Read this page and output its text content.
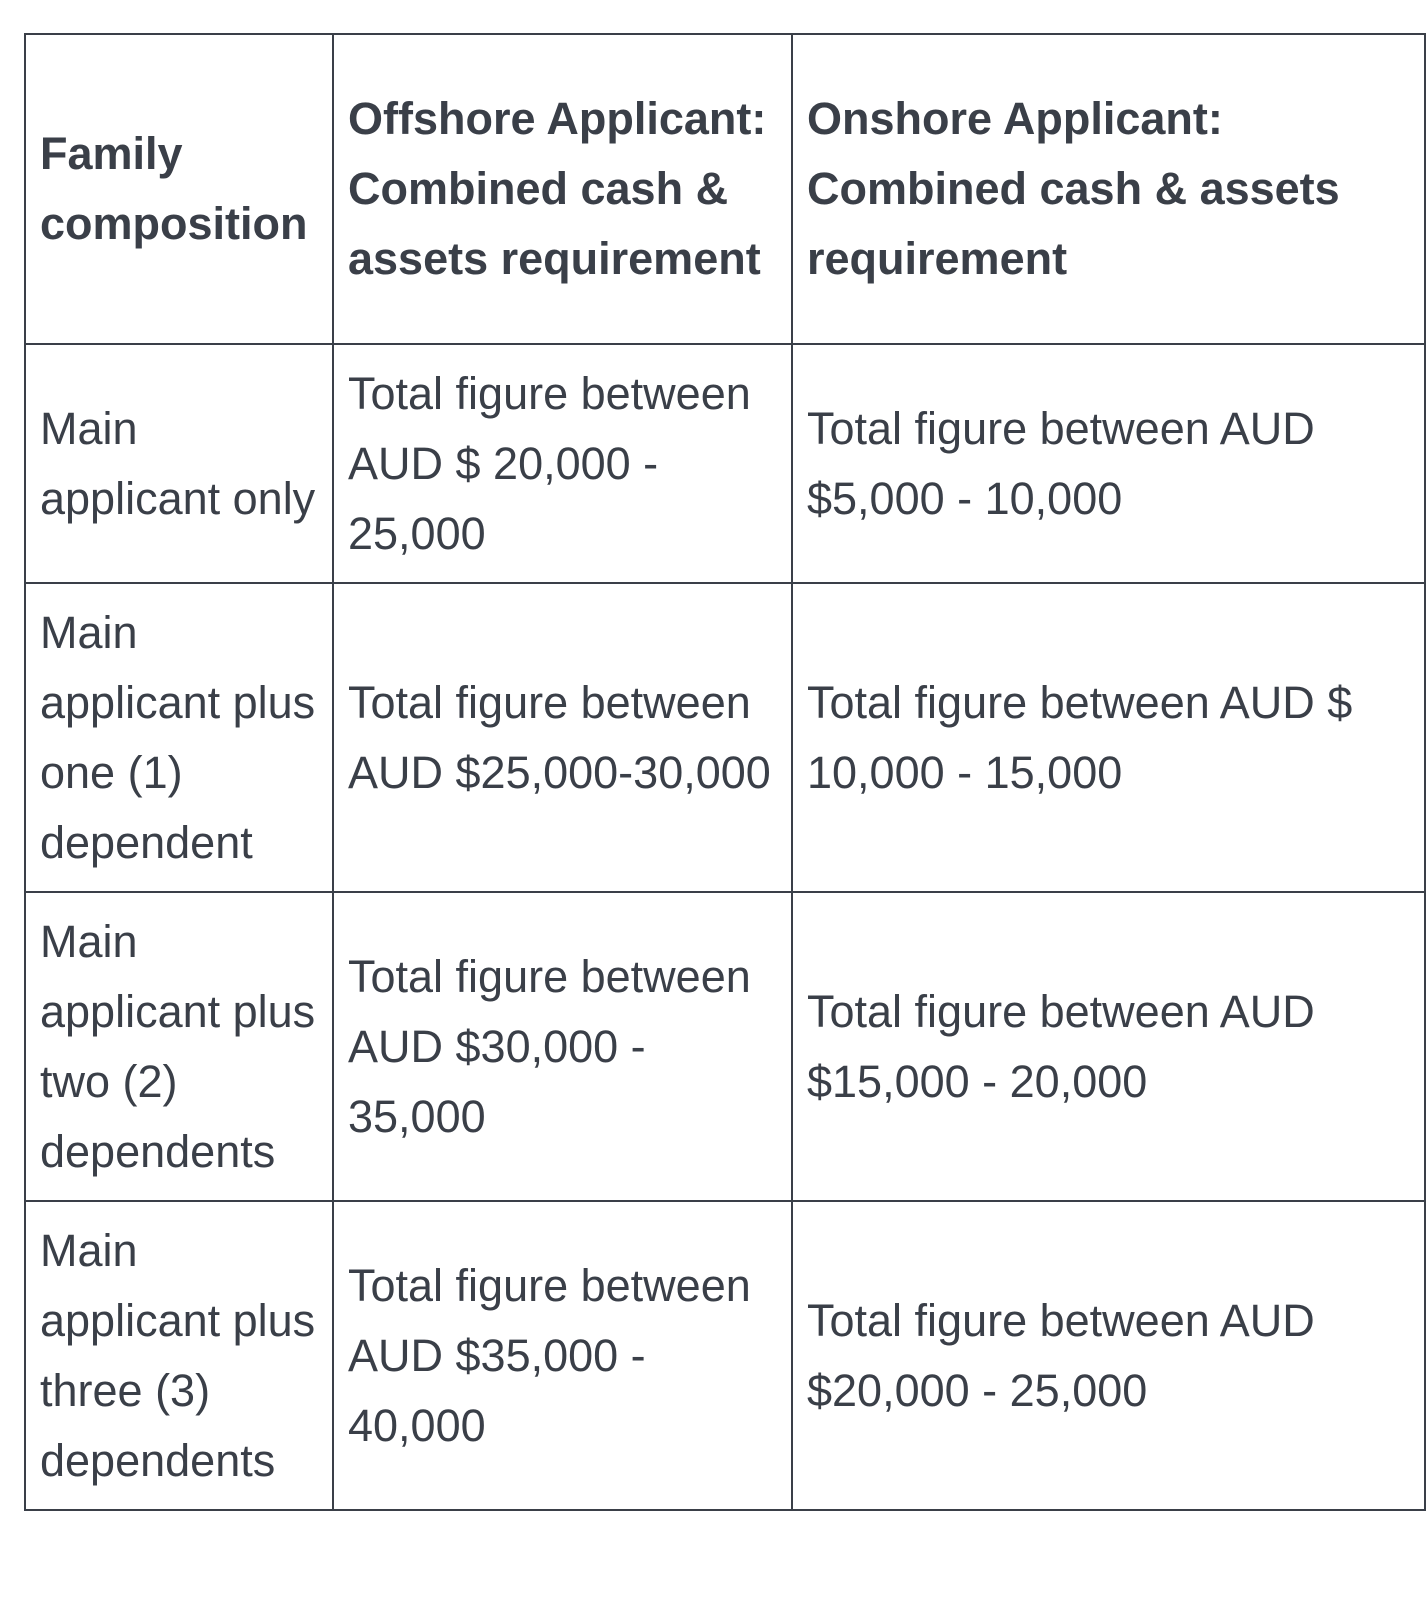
Family composition	Offshore Applicant: Combined cash & assets requirement	Onshore Applicant: Combined cash & assets requirement
Main applicant only	Total figure between AUD $ 20,000 - 25,000	Total figure between AUD $5,000 - 10,000
Main applicant plus one (1) dependent	Total figure between AUD $25,000-30,000	Total figure between AUD $ 10,000 - 15,000
Main applicant plus two (2) dependents	Total figure between AUD $30,000 - 35,000	Total figure between AUD $15,000 - 20,000
Main applicant plus three (3) dependents	Total figure between AUD $35,000 - 40,000	Total figure between AUD $20,000 - 25,000
